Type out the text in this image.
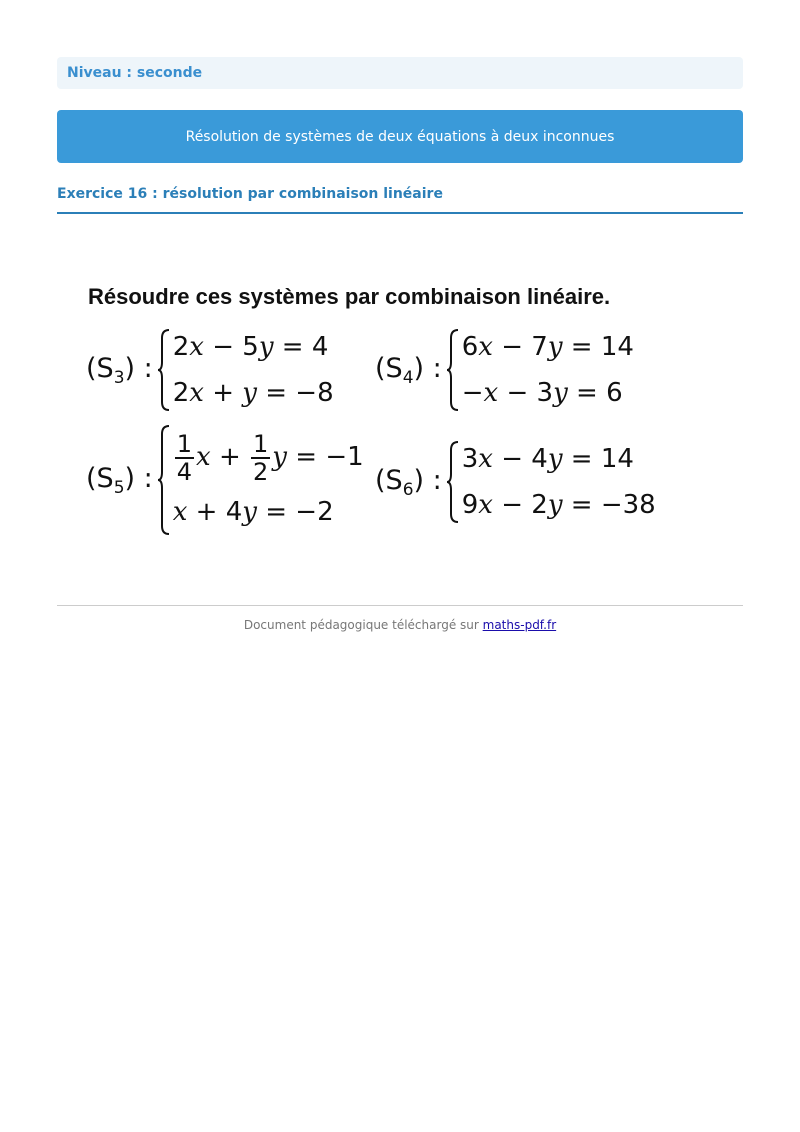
Niveau : seconde
Résolution de systèmes de deux équations à deux inconnues
Exercice 16 : résolution par combinaison linéaire
Résoudre ces systèmes par combinaison linéaire.
$(S_3)$ :
2x − 5y = 4
2x + y = −8
$(S_4)$ :
6x − 7y = 14
−x − 3y = 6
$(S_5)$ : $\frac{1}{4}$ $x + \frac{1}{2}$ y = −1
x + 4y = −2
$(S_6)$ :
3x − 4y = 14
9x − 2y = −38
Document pédagogique téléchargé sur maths-pdf.fr
